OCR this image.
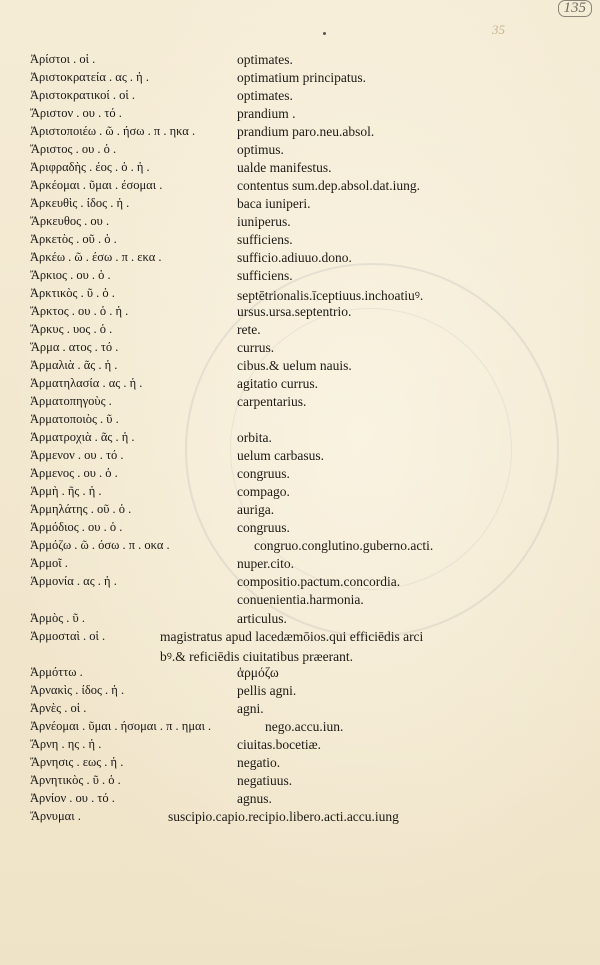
135
35
Ἀρίστοι . οἱ .	optimates.
Ἀριστοκρατεία . ας . ἡ .	optimatium principatus.
Ἀριστοκρατικοί . οἱ .	optimates.
Ἄριστον . ου . τό .	prandium .
Ἀριστοποιέω . ῶ . ήσω . π . ηκα .	prandium paro.neu.absol.
Ἄριστος . ου . ὁ .	optimus.
Ἀριφραδὴς . έος . ὁ . ἡ .	ualde manifestus.
Ἀρκέομαι . ῦμαι . έσομαι .	contentus sum.dep.absol.dat.iung.
Ἀρκευθὶς . ίδος . ἡ .	baca iuniperi.
Ἄρκευθος . ου .	iuniperus.
Ἀρκετὸς . οῦ . ὁ .	sufficiens.
Ἀρκέω . ῶ . έσω . π . εκα .	sufficio.adiuuo.dono.
Ἄρκιος . ου . ὁ .	sufficiens.
Ἀρκτικὸς . ῦ . ὁ .	septētrionalis.īceptiuus.inchoatiuꝰ.
Ἄρκτος . ου . ὁ . ἡ .	ursus.ursa.septentrio.
Ἄρκυς . υος . ὁ .	rete.
Ἅρμα . ατος . τό .	currus.
Ἀρμαλιὰ . ᾶς . ἡ .	cibus.& uelum nauis.
Ἁρματηλασία . ας . ἡ .	agitatio currus.
Ἁρματοπηγοὺς .	carpentarius.
Ἁρματοποιὸς . ῦ .
Ἁρματροχιὰ . ᾶς . ἡ .	orbita.
Ἁρμενον . ου . τό .	uelum carbasus.
Ἁρμενος . ου . ὁ .	congruus.
Ἁρμὴ . ῆς . ἡ .	compago.
Ἁρμηλάτης . οῦ . ὁ .	auriga.
Ἁρμόδιος . ου . ὁ .	congruus.
Ἁρμόζω . ῶ . όσω . π . οκα .	congruo.conglutino.guberno.acti.
Ἁρμοῖ .	nuper.cito.
Ἁρμονία . ας . ἡ .	compositio.pactum.concordia.
conuenientia.harmonia.
Ἁρμὸς . ῦ .	articulus.
Ἁρμοσταὶ . οἱ .	magistratus apud lacedæmōios.qui efficiēdis arci
bꝰ.& reficiēdis ciuitatibus præerant.
Ἁρμόττω .	ἁρμόζω
Ἀρνακὶς . ίδος . ἡ .	pellis agni.
Ἀρνὲς . οἱ .	agni.
Ἀρνέομαι . ῦμαι . ήσομαι . π . ημαι .	nego.accu.iun.
Ἄρνη . ης . ἡ .	ciuitas.bocetiæ.
Ἄρνησις . εως . ἡ .	negatio.
Ἀρνητικὸς . ῦ . ὁ .	negatiuus.
Ἀρνίον . ου . τό .	agnus.
Ἄρνυμαι .	suscipio.capio.recipio.libero.acti.accu.iung
